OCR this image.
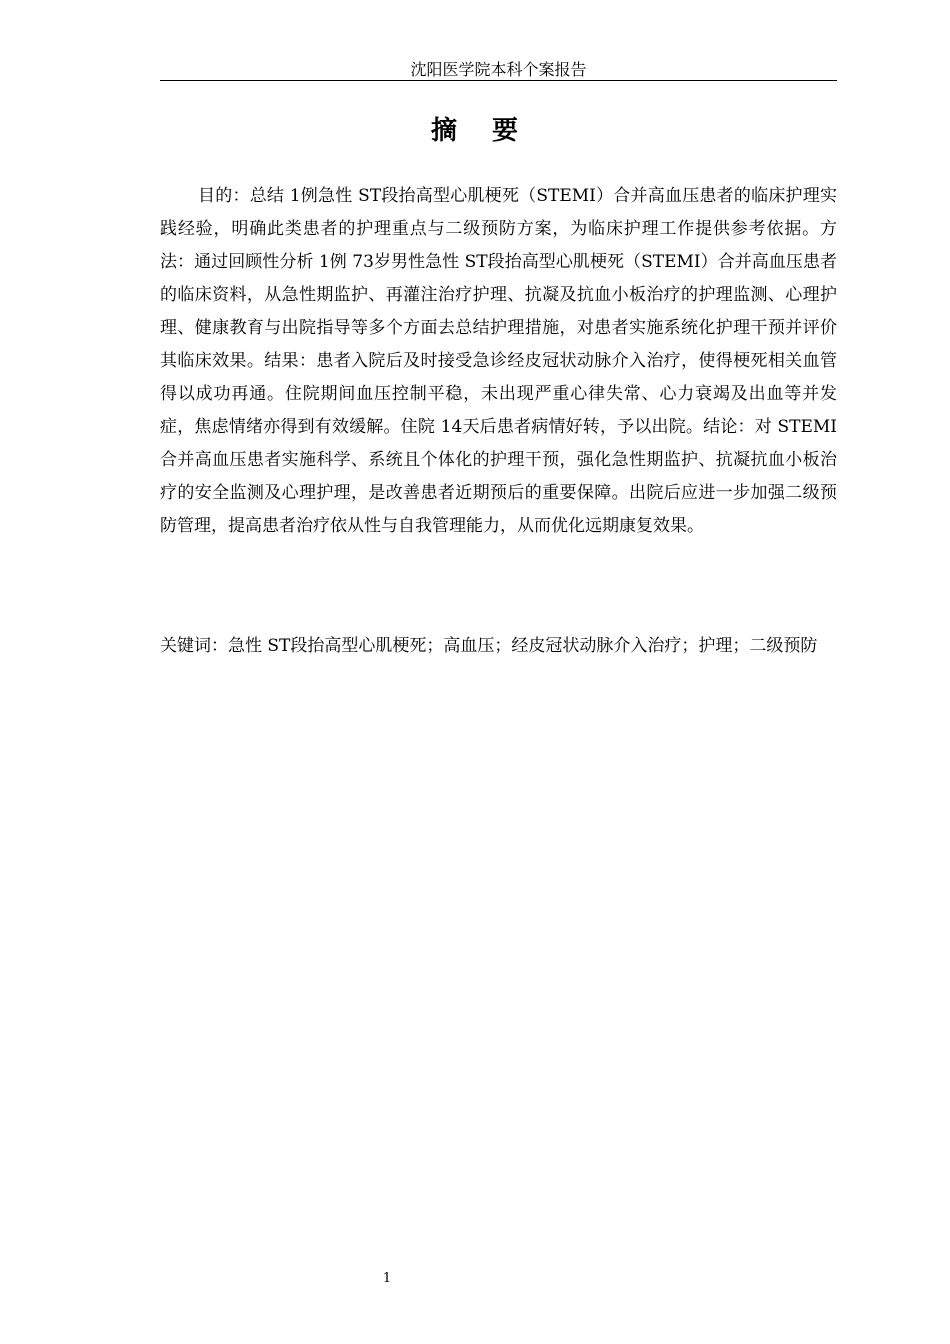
沈阳医学院本科个案报告
摘 要

目的：总结 1例急性 ST段抬高型心肌梗死（STEMI）合并高血压患者的临床护理实践经验，明确此类患者的护理重点与二级预防方案，为临床护理工作提供参考依据。方法：通过回顾性分析 1例 73岁男性急性 ST段抬高型心肌梗死（STEMI）合并高血压患者的临床资料，从急性期监护、再灌注治疗护理、抗凝及抗血小板治疗的护理监测、心理护理、健康教育与出院指导等多个方面去总结护理措施，对患者实施系统化护理干预并评价其临床效果。结果：患者入院后及时接受急诊经皮冠状动脉介入治疗，使得梗死相关血管得以成功再通。住院期间血压控制平稳，未出现严重心律失常、心力衰竭及出血等并发症，焦虑情绪亦得到有效缓解。住院 14天后患者病情好转，予以出院。结论：对 STEMI合并高血压患者实施科学、系统且个体化的护理干预，强化急性期监护、抗凝抗血小板治疗的安全监测及心理护理，是改善患者近期预后的重要保障。出院后应进一步加强二级预防管理，提高患者治疗依从性与自我管理能力，从而优化远期康复效果。

关键词：急性 ST段抬高型心肌梗死；高血压；经皮冠状动脉介入治疗；护理；二级预防

1
